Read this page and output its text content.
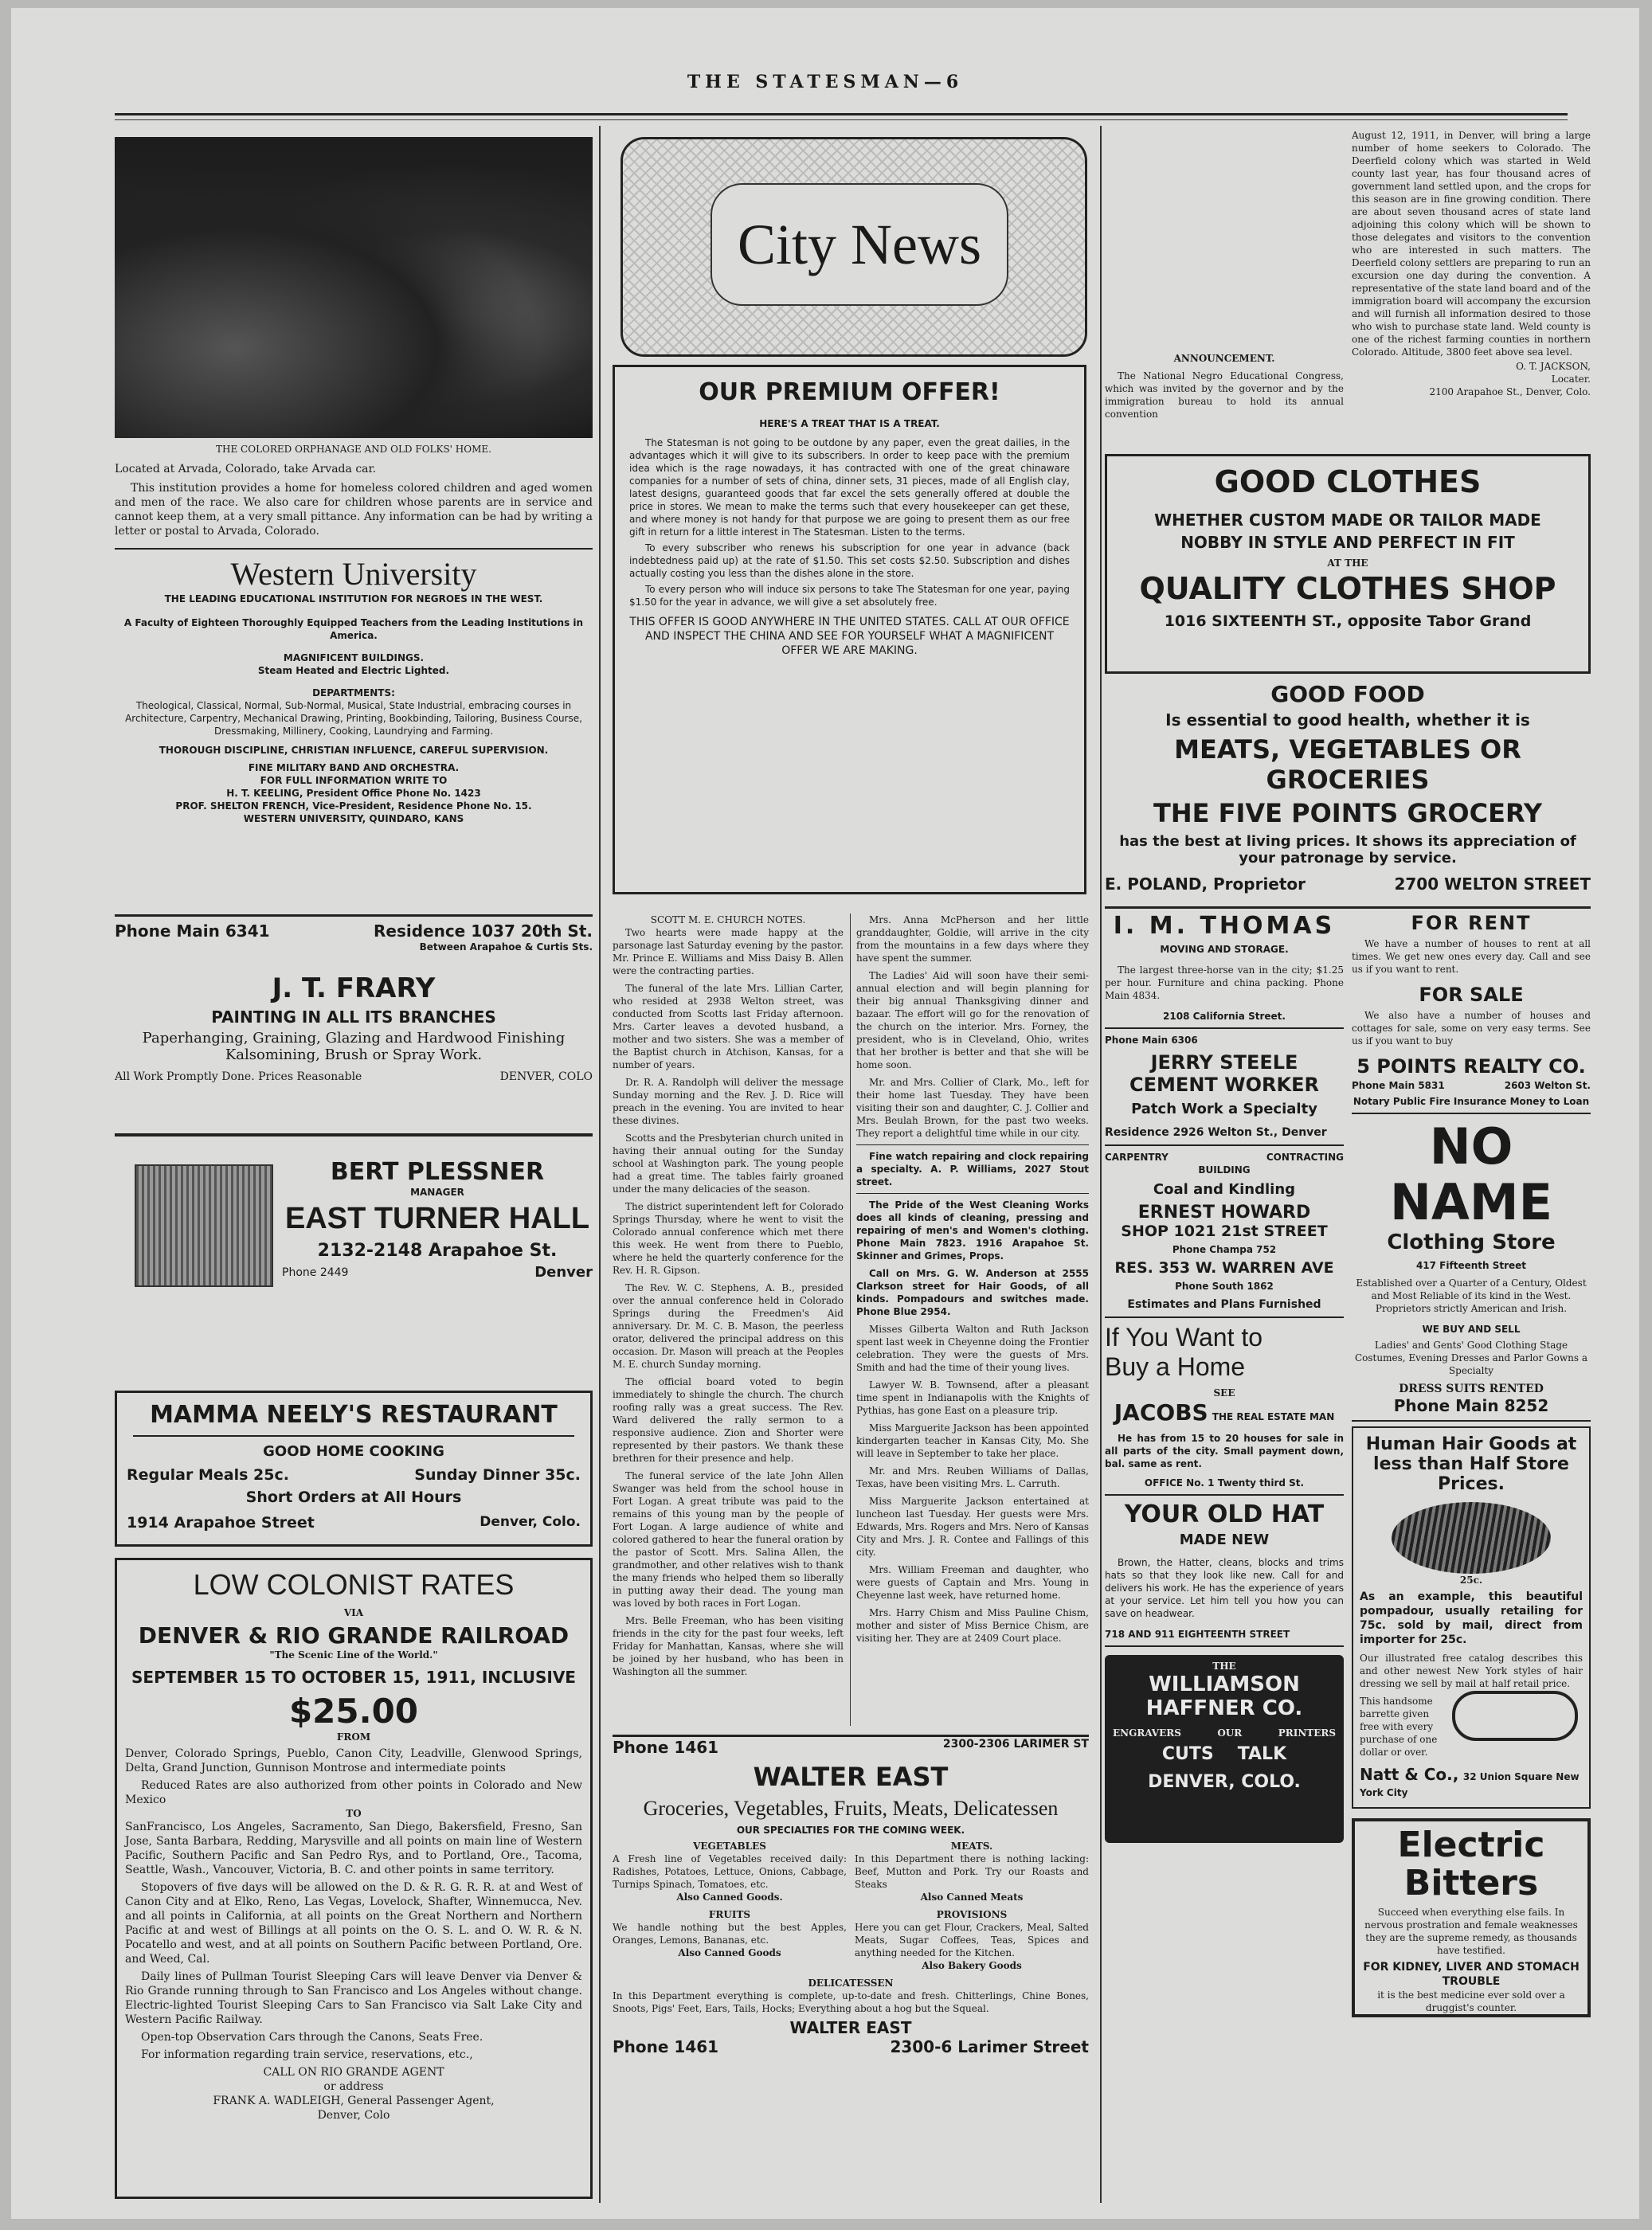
THE STATESMAN—6
THE COLORED ORPHANAGE AND OLD FOLKS' HOME.
Located at Arvada, Colorado, take Arvada car.
This institution provides a home for homeless colored children and aged women and men of the race. We also care for children whose parents are in service and cannot keep them, at a very small pittance. Any information can be had by writing a letter or postal to Arvada, Colorado.
Western University
THE LEADING EDUCATIONAL INSTITUTION FOR NEGROES IN THE WEST.
A Faculty of Eighteen Thoroughly Equipped Teachers from the Leading Institutions in America.
MAGNIFICENT BUILDINGS.
Steam Heated and Electric Lighted.
DEPARTMENTS:
Theological, Classical, Normal, Sub-Normal, Musical, State Industrial, embracing courses in Architecture, Carpentry, Mechanical Drawing, Printing, Bookbinding, Tailoring, Business Course, Dressmaking, Millinery, Cooking, Laundrying and Farming.
THOROUGH DISCIPLINE, CHRISTIAN INFLUENCE, CAREFUL SUPERVISION.
FINE MILITARY BAND AND ORCHESTRA.
FOR FULL INFORMATION WRITE TO
H. T. KEELING, President Office Phone No. 1423
PROF. SHELTON FRENCH, Vice-President, Residence Phone No. 15.
WESTERN UNIVERSITY, QUINDARO, KANS
Phone Main 6341	Residence 1037 20th St.
Between Arapahoe & Curtis Sts.
J. T. FRARY
PAINTING IN ALL ITS BRANCHES
Paperhanging, Graining, Glazing and Hardwood Finishing
Kalsomining, Brush or Spray Work.
All Work Promptly Done. Prices Reasonable	DENVER, COLO
BERT PLESSNER
MANAGER
EAST TURNER HALL
2132-2148 Arapahoe St.
Phone 2449	Denver
MAMMA NEELY'S RESTAURANT
GOOD HOME COOKING
Regular Meals 25c.	Sunday Dinner 35c.
Short Orders at All Hours
1914 Arapahoe Street	Denver, Colo.
LOW COLONIST RATES
VIA
DENVER & RIO GRANDE RAILROAD
"The Scenic Line of the World."
SEPTEMBER 15 TO OCTOBER 15, 1911, INCLUSIVE
$25.00
FROM
Denver, Colorado Springs, Pueblo, Canon City, Leadville, Glenwood Springs, Delta, Grand Junction, Gunnison Montrose and intermediate points
Reduced Rates are also authorized from other points in Colorado and New Mexico
TO
SanFrancisco, Los Angeles, Sacramento, San Diego, Bakersfield, Fresno, San Jose, Santa Barbara, Redding, Marysville and all points on main line of Western Pacific, Southern Pacific and San Pedro Rys, and to Portland, Ore., Tacoma, Seattle, Wash., Vancouver, Victoria, B. C. and other points in same territory.
Stopovers of five days will be allowed on the D. & R. G. R. R. at and West of Canon City and at Elko, Reno, Las Vegas, Lovelock, Shafter, Winnemucca, Nev. and all points in California, at all points on the Great Northern and Northern Pacific at and west of Billings at all points on the O. S. L. and O. W. R. & N. Pocatello and west, and at all points on Southern Pacific between Portland, Ore. and Weed, Cal.
Daily lines of Pullman Tourist Sleeping Cars will leave Denver via Denver & Rio Grande running through to San Francisco and Los Angeles without change. Electric-lighted Tourist Sleeping Cars to San Francisco via Salt Lake City and Western Pacific Railway.
Open-top Observation Cars through the Canons, Seats Free.
For information regarding train service, reservations, etc.,
CALL ON RIO GRANDE AGENT
or address
FRANK A. WADLEIGH, General Passenger Agent,
Denver, Colo
City News
OUR PREMIUM OFFER!
HERE'S A TREAT THAT IS A TREAT.
The Statesman is not going to be outdone by any paper, even the great dailies, in the advantages which it will give to its subscribers. In order to keep pace with the premium idea which is the rage nowadays, it has contracted with one of the great chinaware companies for a number of sets of china, dinner sets, 31 pieces, made of all English clay, latest designs, guaranteed goods that far excel the sets generally offered at double the price in stores. We mean to make the terms such that every housekeeper can get these, and where money is not handy for that purpose we are going to present them as our free gift in return for a little interest in The Statesman. Listen to the terms.
To every subscriber who renews his subscription for one year in advance (back indebtedness paid up) at the rate of $1.50. This set costs $2.50. Subscription and dishes actually costing you less than the dishes alone in the store.
To every person who will induce six persons to take The Statesman for one year, paying $1.50 for the year in advance, we will give a set absolutely free.
THIS OFFER IS GOOD ANYWHERE IN THE UNITED STATES. CALL AT OUR OFFICE AND INSPECT THE CHINA AND SEE FOR YOURSELF WHAT A MAGNIFICENT OFFER WE ARE MAKING.
SCOTT M. E. CHURCH NOTES.

Two hearts were made happy at the parsonage last Saturday evening by the pastor. Mr. Prince E. Williams and Miss Daisy B. Allen were the contracting parties.

The funeral of the late Mrs. Lillian Carter, who resided at 2938 Welton street, was conducted from Scotts last Friday afternoon. Mrs. Carter leaves a devoted husband, a mother and two sisters. She was a member of the Baptist church in Atchison, Kansas, for a number of years.

Dr. R. A. Randolph will deliver the message Sunday morning and the Rev. J. D. Rice will preach in the evening. You are invited to hear these divines.

Scotts and the Presbyterian church united in having their annual outing for the Sunday school at Washington park. The young people had a great time. The tables fairly groaned under the many delicacies of the season.

The district superintendent left for Colorado Springs Thursday, where he went to visit the Colorado annual conference which met there this week. He went from there to Pueblo, where he held the quarterly conference for the Rev. H. R. Gipson.

The Rev. W. C. Stephens, A. B., presided over the annual conference held in Colorado Springs during the Freedmen's Aid anniversary. Dr. M. C. B. Mason, the peerless orator, delivered the principal address on this occasion. Dr. Mason will preach at the Peoples M. E. church Sunday morning.

The official board voted to begin immediately to shingle the church. The church roofing rally was a great success. The Rev. Ward delivered the rally sermon to a responsive audience. Zion and Shorter were represented by their pastors. We thank these brethren for their presence and help.

The funeral service of the late John Allen Swanger was held from the school house in Fort Logan. A great tribute was paid to the remains of this young man by the people of Fort Logan. A large audience of white and colored gathered to hear the funeral oration by the pastor of Scott. Mrs. Salina Allen, the grandmother, and other relatives wish to thank the many friends who helped them so liberally in putting away their dead. The young man was loved by both races in Fort Logan.

Mrs. Belle Freeman, who has been visiting friends in the city for the past four weeks, left Friday for Manhattan, Kansas, where she will be joined by her husband, who has been in Washington all the summer.

Mrs. Anna McPherson and her little granddaughter, Goldie, will arrive in the city from the mountains in a few days where they have spent the summer.

The Ladies' Aid will soon have their semi-annual election and will begin planning for their big annual Thanksgiving dinner and bazaar. The effort will go for the renovation of the church on the interior. Mrs. Forney, the president, who is in Cleveland, Ohio, writes that her brother is better and that she will be home soon.

Mr. and Mrs. Collier of Clark, Mo., left for their home last Tuesday. They have been visiting their son and daughter, C. J. Collier and Mrs. Beulah Brown, for the past two weeks. They report a delightful time while in our city.

Fine watch repairing and clock repairing a specialty. A. P. Williams, 2027 Stout street.

The Pride of the West Cleaning Works does all kinds of cleaning, pressing and repairing of men's and Women's clothing. Phone Main 7823. 1916 Arapahoe St. Skinner and Grimes, Props.

Call on Mrs. G. W. Anderson at 2555 Clarkson street for Hair Goods, of all kinds. Pompadours and switches made. Phone Blue 2954.

Misses Gilberta Walton and Ruth Jackson spent last week in Cheyenne doing the Frontier celebration. They were the guests of Mrs. Smith and had the time of their young lives.

Lawyer W. B. Townsend, after a pleasant time spent in Indianapolis with the Knights of Pythias, has gone East on a pleasure trip.

Miss Marguerite Jackson has been appointed kindergarten teacher in Kansas City, Mo. She will leave in September to take her place.

Mr. and Mrs. Reuben Williams of Dallas, Texas, have been visiting Mrs. L. Carruth.

Miss Marguerite Jackson entertained at luncheon last Tuesday. Her guests were Mrs. Edwards, Mrs. Rogers and Mrs. Nero of Kansas City and Mrs. J. R. Contee and Fallings of this city.

Mrs. William Freeman and daughter, who were guests of Captain and Mrs. Young in Cheyenne last week, have returned home.

Mrs. Harry Chism and Miss Pauline Chism, mother and sister of Miss Bernice Chism, are visiting her. They are at 2409 Court place.

Phone 1461	2300-2306 LARIMER ST
WALTER EAST
Groceries, Vegetables, Fruits, Meats, Delicatessen
OUR SPECIALTIES FOR THE COMING WEEK.
VEGETABLES
A Fresh line of Vegetables received daily: Radishes, Potatoes, Lettuce, Onions, Cabbage, Turnips Spinach, Tomatoes, etc.
Also Canned Goods.
FRUITS
We handle nothing but the best Apples, Oranges, Lemons, Bananas, etc.
Also Canned Goods
MEATS.
In this Department there is nothing lacking: Beef, Mutton and Pork. Try our Roasts and Steaks
Also Canned Meats
PROVISIONS
Here you can get Flour, Crackers, Meal, Salted Meats, Sugar Coffees, Teas, Spices and anything needed for the Kitchen.
Also Bakery Goods
DELICATESSEN
In this Department everything is complete, up-to-date and fresh. Chitterlings, Chine Bones, Snoots, Pigs' Feet, Ears, Tails, Hocks; Everything about a hog but the Squeal.
WALTER EAST
Phone 1461	2300-6 Larimer Street
ANNOUNCEMENT.
The National Negro Educational Congress, which was invited by the governor and by the immigration bureau to hold its annual convention
August 12, 1911, in Denver, will bring a large number of home seekers to Colorado. The Deerfield colony which was started in Weld county last year, has four thousand acres of government land settled upon, and the crops for this season are in fine growing condition. There are about seven thousand acres of state land adjoining this colony which will be shown to those delegates and visitors to the convention who are interested in such matters. The Deerfield colony settlers are preparing to run an excursion one day during the convention. A representative of the state land board and of the immigration board will accompany the excursion and will furnish all information desired to those who wish to purchase state land. Weld county is one of the richest farming counties in northern Colorado. Altitude, 3800 feet above sea level.
O. T. JACKSON,
Locater.
2100 Arapahoe St., Denver, Colo.
GOOD CLOTHES
WHETHER CUSTOM MADE OR TAILOR MADE
NOBBY IN STYLE AND PERFECT IN FIT
AT THE
QUALITY CLOTHES SHOP
1016 SIXTEENTH ST., opposite Tabor Grand
GOOD FOOD
Is essential to good health, whether it is
MEATS, VEGETABLES OR GROCERIES
THE FIVE POINTS GROCERY
has the best at living prices. It shows its appreciation of your patronage by service.
E. POLAND, Proprietor	2700 WELTON STREET
I. M. THOMAS
MOVING AND STORAGE.
The largest three-horse van in the city; $1.25 per hour. Furniture and china packing. Phone Main 4834.
2108 California Street.
Phone Main 6306
JERRY STEELE
CEMENT WORKER
Patch Work a Specialty
Residence 2926 Welton St., Denver
CARPENTRY	CONTRACTING
BUILDING
Coal and Kindling
ERNEST HOWARD
SHOP 1021 21st STREET
Phone Champa 752
RES. 353 W. WARREN AVE
Phone South 1862
Estimates and Plans Furnished
If You Want to
Buy a Home
SEE
JACOBS THE REAL ESTATE MAN
He has from 15 to 20 houses for sale in all parts of the city. Small payment down, bal. same as rent.
OFFICE No. 1 Twenty third St.
YOUR OLD HAT
MADE NEW
Brown, the Hatter, cleans, blocks and trims hats so that they look like new. Call for and delivers his work. He has the experience of years at your service. Let him tell you how you can save on headwear.
718 AND 911 EIGHTEENTH STREET
THE
WILLIAMSON
HAFFNER CO.
ENGRAVERS	OUR	PRINTERS
CUTS TALK
DENVER, COLO.
FOR RENT
We have a number of houses to rent at all times. We get new ones every day. Call and see us if you want to rent.
FOR SALE
We also have a number of houses and cottages for sale, some on very easy terms. See us if you want to buy
5 POINTS REALTY CO.
Phone Main 5831	2603 Welton St.
Notary Public Fire Insurance Money to Loan
NO NAME
Clothing Store
417 Fifteenth Street
Established over a Quarter of a Century, Oldest and Most Reliable of its kind in the West. Proprietors strictly American and Irish.
WE BUY AND SELL
Ladies' and Gents' Good Clothing Stage Costumes, Evening Dresses and Parlor Gowns a Specialty
DRESS SUITS RENTED
Phone Main 8252
Human Hair Goods at less than Half Store Prices.
25c.
As an example, this beautiful pompadour, usually retailing for 75c. sold by mail, direct from importer for 25c.
Our illustrated free catalog describes this and other newest New York styles of hair dressing we sell by mail at half retail price.
This handsome barrette given free with every purchase of one dollar or over.
Natt & Co., 32 Union Square New York City
Electric
Bitters
Succeed when everything else fails. In nervous prostration and female weaknesses they are the supreme remedy, as thousands have testified.
FOR KIDNEY, LIVER AND STOMACH TROUBLE
it is the best medicine ever sold over a druggist's counter.
